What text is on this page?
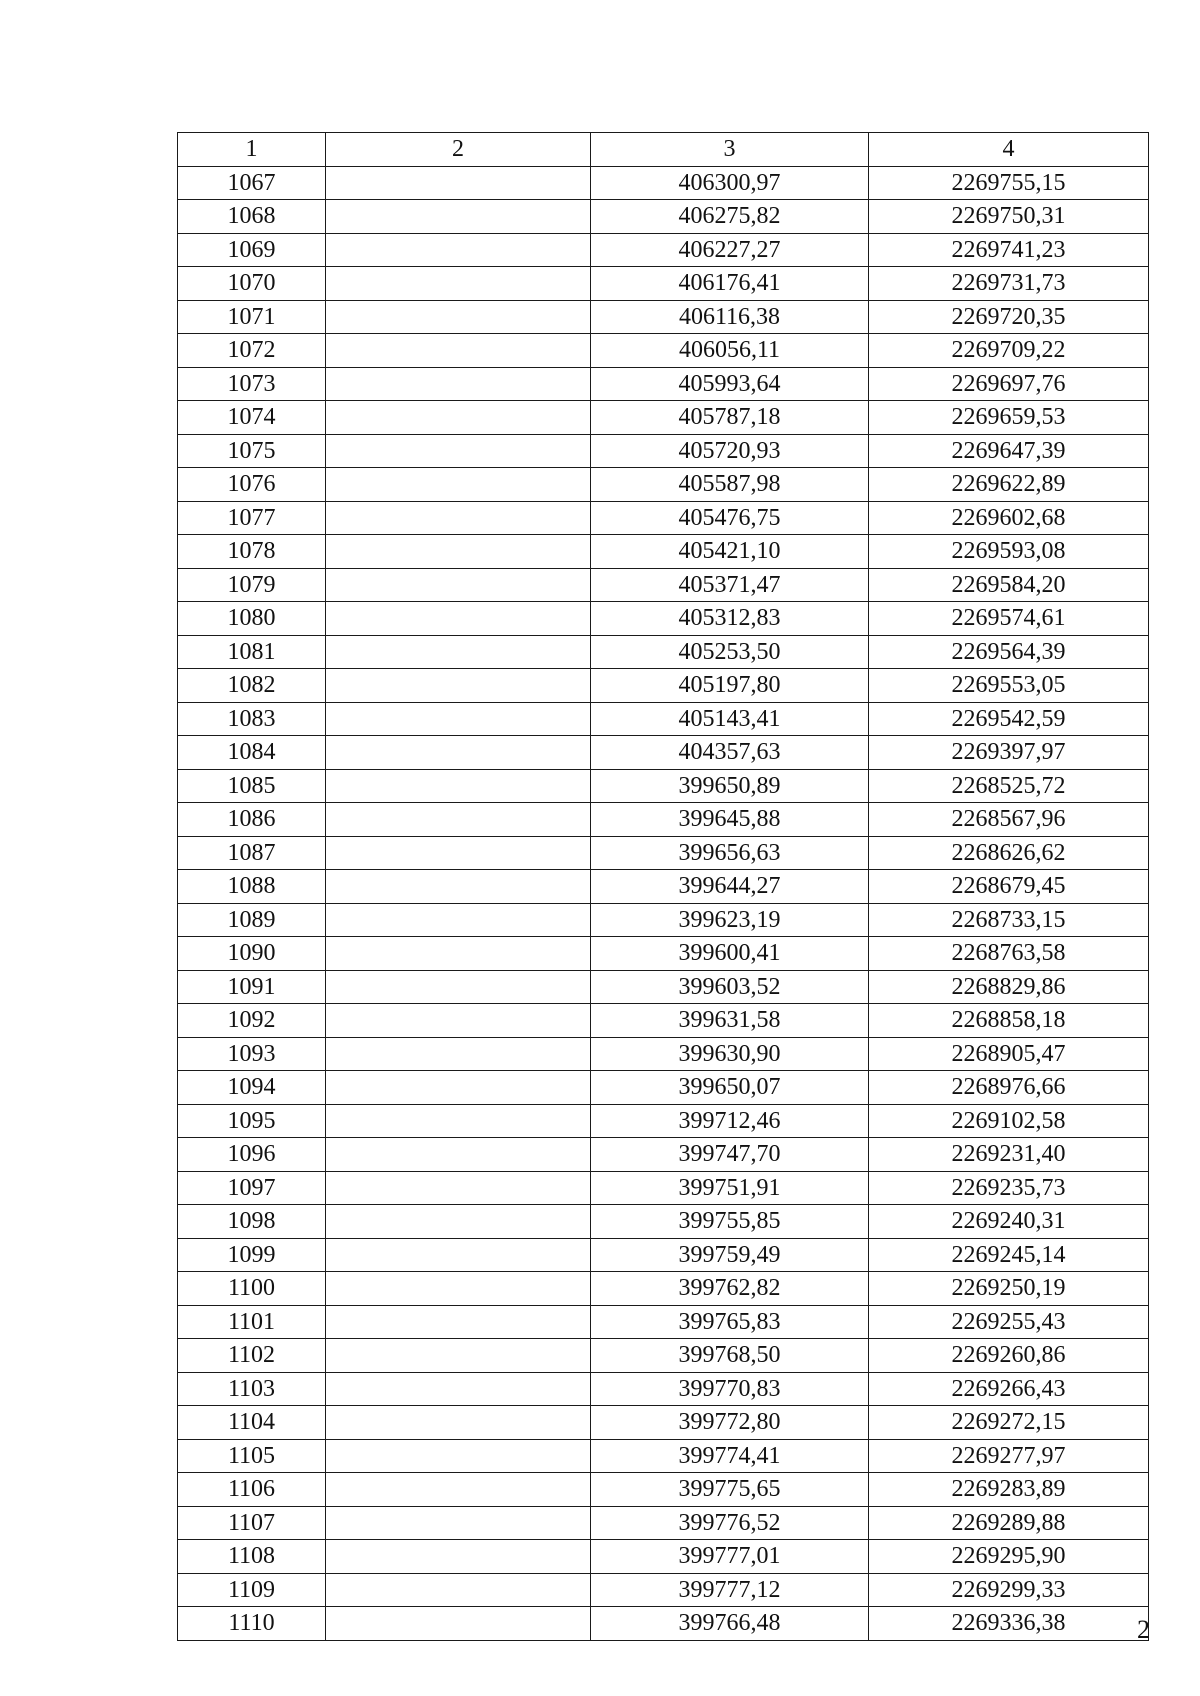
1	2	3	4
1067		406300,97	2269755,15
1068		406275,82	2269750,31
1069		406227,27	2269741,23
1070		406176,41	2269731,73
1071		406116,38	2269720,35
1072		406056,11	2269709,22
1073		405993,64	2269697,76
1074		405787,18	2269659,53
1075		405720,93	2269647,39
1076		405587,98	2269622,89
1077		405476,75	2269602,68
1078		405421,10	2269593,08
1079		405371,47	2269584,20
1080		405312,83	2269574,61
1081		405253,50	2269564,39
1082		405197,80	2269553,05
1083		405143,41	2269542,59
1084		404357,63	2269397,97
1085		399650,89	2268525,72
1086		399645,88	2268567,96
1087		399656,63	2268626,62
1088		399644,27	2268679,45
1089		399623,19	2268733,15
1090		399600,41	2268763,58
1091		399603,52	2268829,86
1092		399631,58	2268858,18
1093		399630,90	2268905,47
1094		399650,07	2268976,66
1095		399712,46	2269102,58
1096		399747,70	2269231,40
1097		399751,91	2269235,73
1098		399755,85	2269240,31
1099		399759,49	2269245,14
1100		399762,82	2269250,19
1101		399765,83	2269255,43
1102		399768,50	2269260,86
1103		399770,83	2269266,43
1104		399772,80	2269272,15
1105		399774,41	2269277,97
1106		399775,65	2269283,89
1107		399776,52	2269289,88
1108		399777,01	2269295,90
1109		399777,12	2269299,33
1110		399766,48	2269336,38	2
